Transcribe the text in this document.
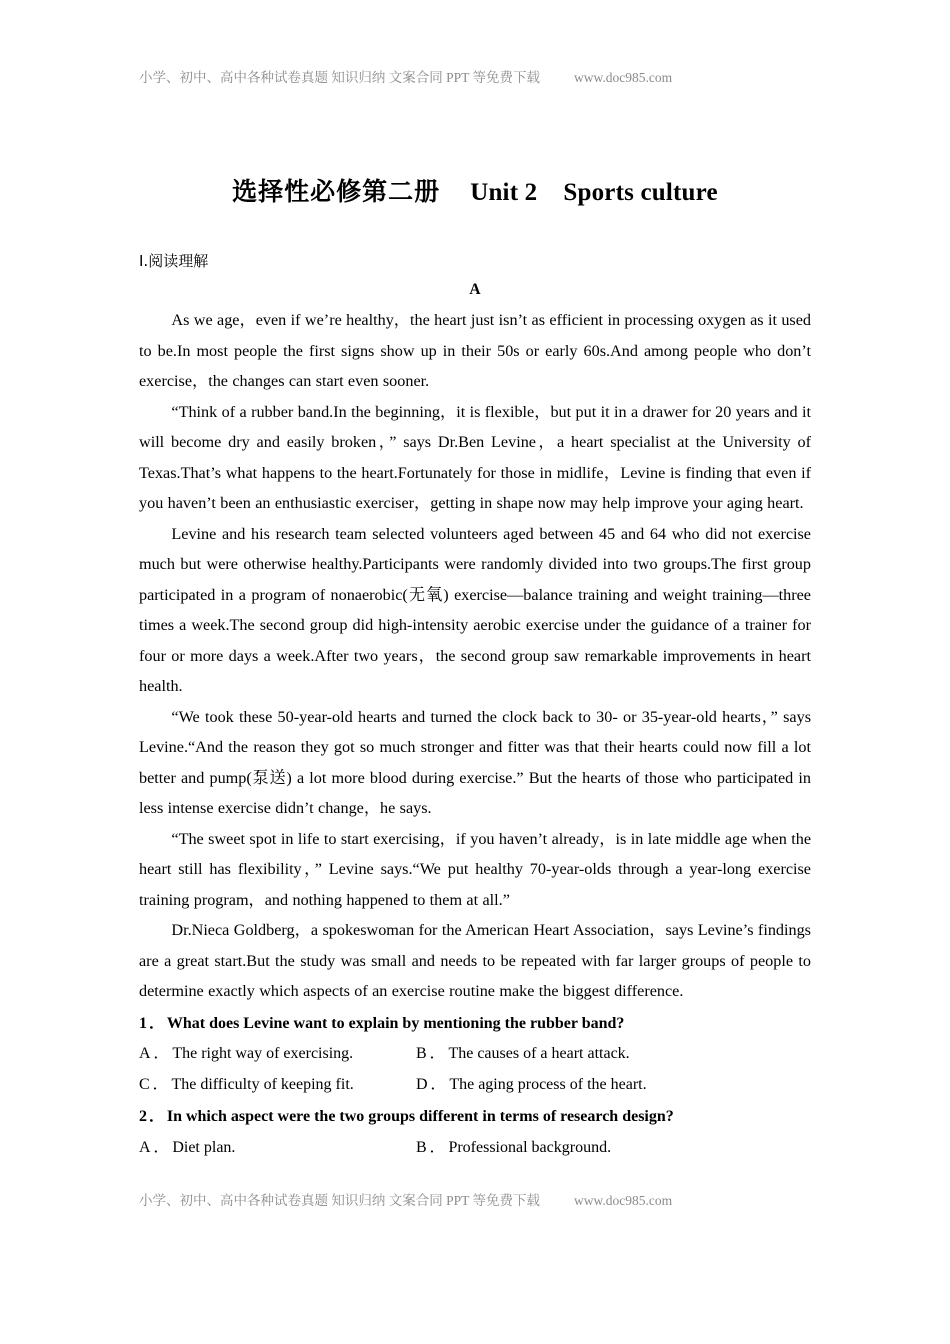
小学、初中、高中各种试卷真题 知识归纳 文案合同 PPT 等免费下载	www.doc985.com
选择性必修第二册 Unit 2 Sports culture
Ⅰ.阅读理解
A

As we age，even if we’re healthy，the heart just isn’t as efficient in processing oxygen as it used to be.In most people the first signs show up in their 50s or early 60s.And among people who don’t exercise，the changes can start even sooner.

“Think of a rubber band.In the beginning，it is flexible，but put it in a drawer for 20 years and it will become dry and easily broken，” says Dr.Ben Levine，a heart specialist at the University of Texas.That’s what happens to the heart.Fortunately for those in midlife，Levine is finding that even if you haven’t been an enthusiastic exerciser，getting in shape now may help improve your aging heart.

Levine and his research team selected volunteers aged between 45 and 64 who did not exercise much but were otherwise healthy.Participants were randomly divided into two groups.The first group participated in a program of nonaerobic(无氧) exercise—balance training and weight training—three times a week.The second group did high-intensity aerobic exercise under the guidance of a trainer for four or more days a week.After two years，the second group saw remarkable improvements in heart health.

“We took these 50-year-old hearts and turned the clock back to 30- or 35-year-old hearts，” says Levine.“And the reason they got so much stronger and fitter was that their hearts could now fill a lot better and pump(泵送) a lot more blood during exercise.” But the hearts of those who participated in less intense exercise didn’t change，he says.

“The sweet spot in life to start exercising，if you haven’t already，is in late middle age when the heart still has flexibility，” Levine says.“We put healthy 70-year-olds through a year-long exercise training program，and nothing happened to them at all.”

Dr.Nieca Goldberg，a spokeswoman for the American Heart Association，says Levine’s findings are a great start.But the study was small and needs to be repeated with far larger groups of people to determine exactly which aspects of an exercise routine make the biggest difference.

1．What does Levine want to explain by mentioning the rubber band?

A．The right way of exercising.	B．The causes of a heart attack.
C．The difficulty of keeping fit.	D．The aging process of the heart.

2．In which aspect were the two groups different in terms of research design?

A．Diet plan.	B．Professional background.
小学、初中、高中各种试卷真题 知识归纳 文案合同 PPT 等免费下载	www.doc985.com
